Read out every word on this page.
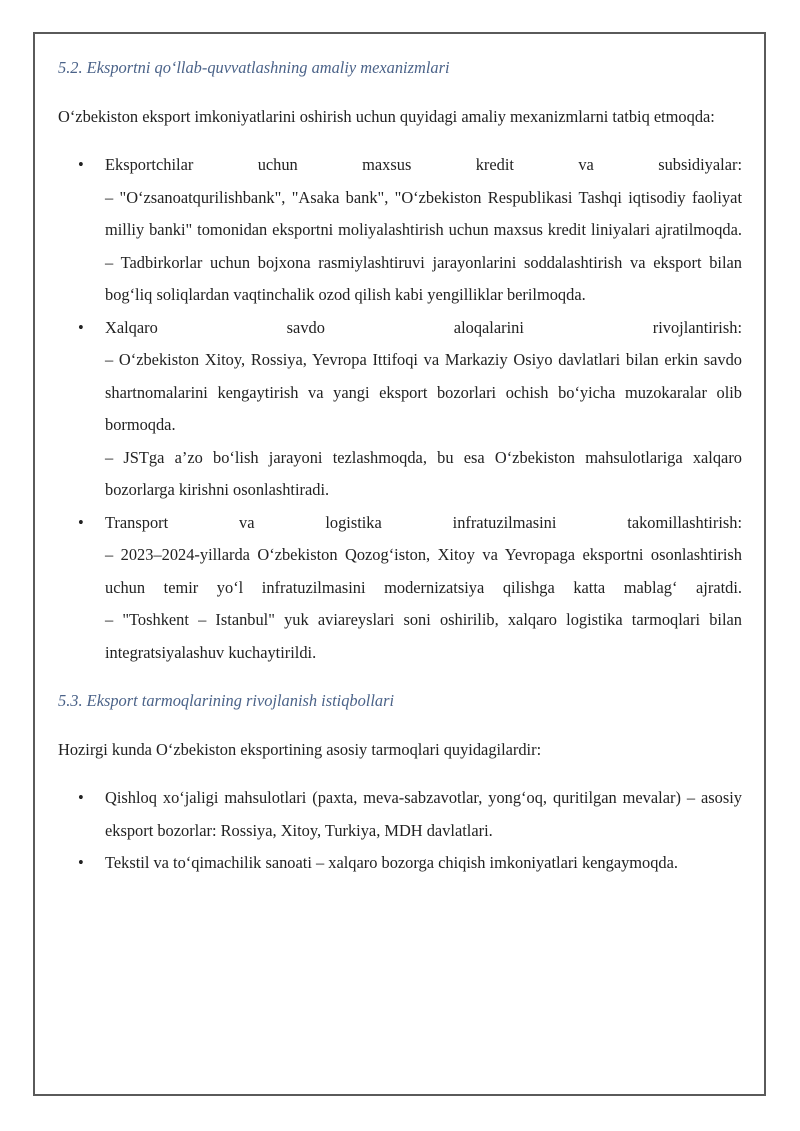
5.2. Eksportni qo‘llab-quvvatlashning amaliy mexanizmlari

O‘zbekiston eksport imkoniyatlarini oshirish uchun quyidagi amaliy mexanizmlarni tatbiq etmoqda:

• Eksportchilar uchun maxsus kredit va subsidiyalar:
– "O‘zsanoatqurilishbank", "Asaka bank", "O‘zbekiston Respublikasi Tashqi iqtisodiy faoliyat milliy banki" tomonidan eksportni moliyalashtirish uchun maxsus kredit liniyalari ajratilmoqda.
– Tadbirkorlar uchun bojxona rasmiylashtiruvi jarayonlarini soddalashtirish va eksport bilan bog‘liq soliqlardan vaqtinchalik ozod qilish kabi yengilliklar berilmoqda.
• Xalqaro savdo aloqalarini rivojlantirish:
– O‘zbekiston Xitoy, Rossiya, Yevropa Ittifoqi va Markaziy Osiyo davlatlari bilan erkin savdo shartnomalarini kengaytirish va yangi eksport bozorlari ochish bo‘yicha muzokaralar olib bormoqda.
– JSTga a’zo bo‘lish jarayoni tezlashmoqda, bu esa O‘zbekiston mahsulotlariga xalqaro bozorlarga kirishni osonlashtiradi.
• Transport va logistika infratuzilmasini takomillashtirish:
– 2023–2024-yillarda O‘zbekiston Qozog‘iston, Xitoy va Yevropaga eksportni osonlashtirish uchun temir yo‘l infratuzilmasini modernizatsiya qilishga katta mablag‘ ajratdi.
– "Toshkent – Istanbul" yuk aviareyslari soni oshirilib, xalqaro logistika tarmoqlari bilan integratsiyalashuv kuchaytirildi.
5.3. Eksport tarmoqlarining rivojlanish istiqbollari

Hozirgi kunda O‘zbekiston eksportining asosiy tarmoqlari quyidagilardir:

• Qishloq xo‘jaligi mahsulotlari (paxta, meva-sabzavotlar, yong‘oq, quritilgan mevalar) – asosiy eksport bozorlar: Rossiya, Xitoy, Turkiya, MDH davlatlari.
• Tekstil va to‘qimachilik sanoati – xalqaro bozorga chiqish imkoniyatlari kengaymoqda.
